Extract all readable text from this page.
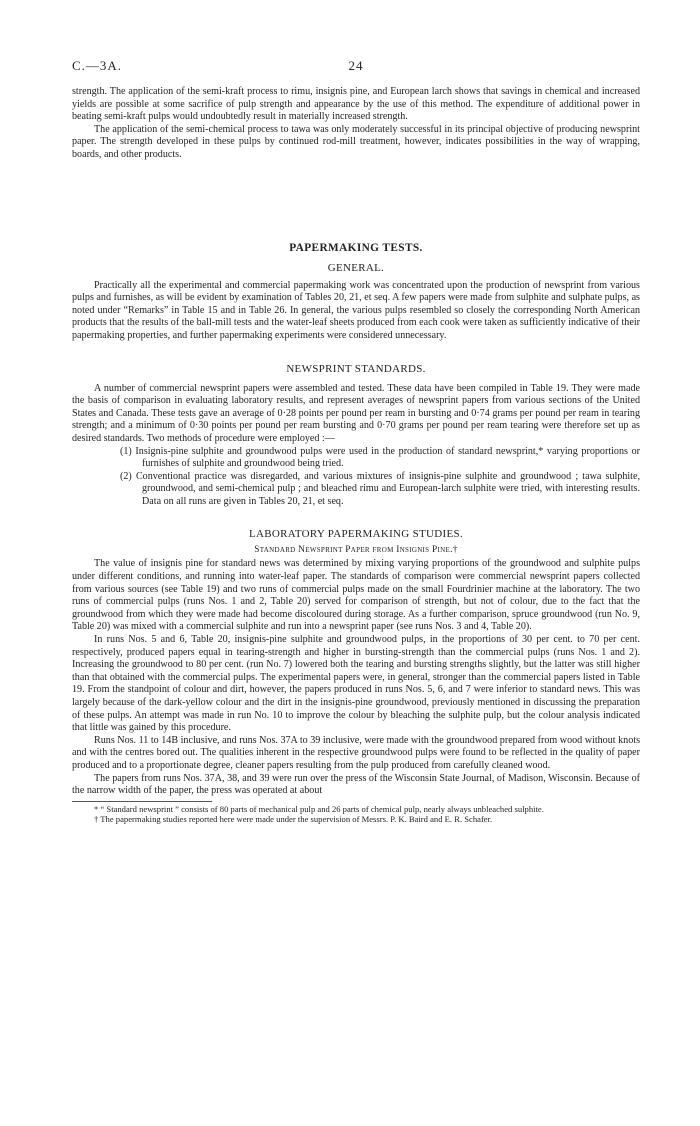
C.—3A.	24

strength. The application of the semi-kraft process to rimu, insignis pine, and European larch shows that savings in chemical and increased yields are possible at some sacrifice of pulp strength and appearance by the use of this method. The expenditure of additional power in beating semi-kraft pulps would undoubtedly result in materially increased strength.

The application of the semi-chemical process to tawa was only moderately successful in its principal objective of producing newsprint paper. The strength developed in these pulps by continued rod-mill treatment, however, indicates possibilities in the way of wrapping, boards, and other products.

PAPERMAKING TESTS.
GENERAL.

Practically all the experimental and commercial papermaking work was concentrated upon the production of newsprint from various pulps and furnishes, as will be evident by examination of Tables 20, 21, et seq. A few papers were made from sulphite and sulphate pulps, as noted under “Remarks” in Table 15 and in Table 26. In general, the various pulps resembled so closely the corresponding North American products that the results of the ball-mill tests and the water-leaf sheets produced from each cook were taken as sufficiently indicative of their papermaking properties, and further papermaking experiments were considered unnecessary.

NEWSPRINT STANDARDS.

A number of commercial newsprint papers were assembled and tested. These data have been compiled in Table 19. They were made the basis of comparison in evaluating laboratory results, and represent averages of newsprint papers from various sections of the United States and Canada. These tests gave an average of 0·28 points per pound per ream in bursting and 0·74 grams per pound per ream in tearing strength; and a minimum of 0·30 points per pound per ream bursting and 0·70 grams per pound per ream tearing were therefore set up as desired standards. Two methods of procedure were employed :—

(1) Insignis-pine sulphite and groundwood pulps were used in the production of standard newsprint,* varying proportions or furnishes of sulphite and groundwood being tried.

(2) Conventional practice was disregarded, and various mixtures of insignis-pine sulphite and groundwood ; tawa sulphite, groundwood, and semi-chemical pulp ; and bleached rimu and European-larch sulphite were tried, with interesting results. Data on all runs are given in Tables 20, 21, et seq.

LABORATORY PAPERMAKING STUDIES.
Standard Newsprint Paper from Insignis Pine.†

The value of insignis pine for standard news was determined by mixing varying proportions of the groundwood and sulphite pulps under different conditions, and running into water-leaf paper. The standards of comparison were commercial newsprint papers collected from various sources (see Table 19) and two runs of commercial pulps made on the small Fourdrinier machine at the laboratory. The two runs of commercial pulps (runs Nos. 1 and 2, Table 20) served for comparison of strength, but not of colour, due to the fact that the groundwood from which they were made had become discoloured during storage. As a further comparison, spruce groundwood (run No. 9, Table 20) was mixed with a commercial sulphite and run into a newsprint paper (see runs Nos. 3 and 4, Table 20).

In runs Nos. 5 and 6, Table 20, insignis-pine sulphite and groundwood pulps, in the proportions of 30 per cent. to 70 per cent. respectively, produced papers equal in tearing-strength and higher in bursting-strength than the commercial pulps (runs Nos. 1 and 2). Increasing the groundwood to 80 per cent. (run No. 7) lowered both the tearing and bursting strengths slightly, but the latter was still higher than that obtained with the commercial pulps. The experimental papers were, in general, stronger than the commercial papers listed in Table 19. From the standpoint of colour and dirt, however, the papers produced in runs Nos. 5, 6, and 7 were inferior to standard news. This was largely because of the dark-yellow colour and the dirt in the insignis-pine groundwood, previously mentioned in discussing the preparation of these pulps. An attempt was made in run No. 10 to improve the colour by bleaching the sulphite pulp, but the colour analysis indicated that little was gained by this procedure.

Runs Nos. 11 to 14B inclusive, and runs Nos. 37A to 39 inclusive, were made with the groundwood prepared from wood without knots and with the centres bored out. The qualities inherent in the respective groundwood pulps were found to be reflected in the quality of paper produced and to a proportionate degree, cleaner papers resulting from the pulp produced from carefully cleaned wood.

The papers from runs Nos. 37A, 38, and 39 were run over the press of the Wisconsin State Journal, of Madison, Wisconsin. Because of the narrow width of the paper, the press was operated at about

* “ Standard newsprint ” consists of 80 parts of mechanical pulp and 26 parts of chemical pulp, nearly always unbleached sulphite.

† The papermaking studies reported here were made under the supervision of Messrs. P. K. Baird and E. R. Schafer.
